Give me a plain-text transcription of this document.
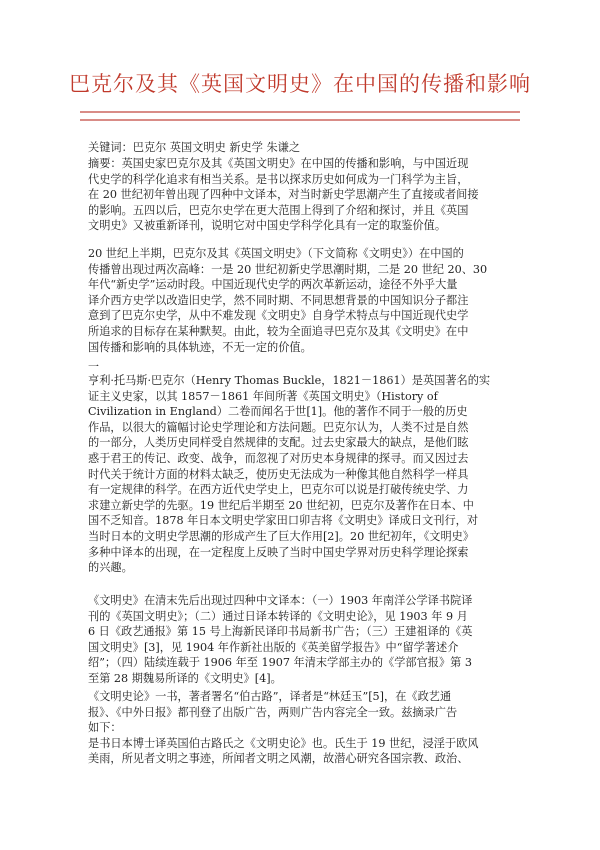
巴克尔及其《英国文明史》在中国的传播和影响
关键词：巴克尔 英国文明史 新史学 朱谦之
摘要：英国史家巴克尔及其《英国文明史》在中国的传播和影响，与中国近现
代史学的科学化追求有相当关系。是书以探求历史如何成为一门科学为主旨，
在 20 世纪初年曾出现了四种中文译本，对当时新史学思潮产生了直接或者间接
的影响。五四以后，巴克尔史学在更大范围上得到了介绍和探讨，并且《英国
文明史》又被重新译刊，说明它对中国史学科学化具有一定的取鉴价值。
20 世纪上半期，巴克尔及其《英国文明史》（下文简称《文明史》）在中国的
传播曾出现过两次高峰：一是 20 世纪初新史学思潮时期，二是 20 世纪 20、30
年代“新史学”运动时段。中国近现代史学的两次革新运动，途径不外乎大量
译介西方史学以改造旧史学，然不同时期、不同思想背景的中国知识分子都注
意到了巴克尔史学，从中不难发现《文明史》自身学术特点与中国近现代史学
所追求的目标存在某种默契。由此，较为全面追寻巴克尔及其《文明史》在中
国传播和影响的具体轨迹，不无一定的价值。
一
亨利·托马斯·巴克尔（Henry Thomas Buckle，1821－1861）是英国著名的实
证主义史家，以其 1857－1861 年间所著《英国文明史》（History of
Civilization in England）二卷而闻名于世[1]。他的著作不同于一般的历史
作品，以很大的篇幅讨论史学理论和方法问题。巴克尔认为，人类不过是自然
的一部分，人类历史同样受自然规律的支配。过去史家最大的缺点，是他们眩
惑于君王的传记、政变、战争，而忽视了对历史本身规律的探寻。而又因过去
时代关于统计方面的材料太缺乏，使历史无法成为一种像其他自然科学一样具
有一定规律的科学。在西方近代史学史上，巴克尔可以说是打破传统史学、力
求建立新史学的先驱。19 世纪后半期至 20 世纪初，巴克尔及著作在日本、中
国不乏知音。1878 年日本文明史学家田口卯吉将《文明史》译成日文刊行，对
当时日本的文明史学思潮的形成产生了巨大作用[2]。20 世纪初年，《文明史》
多种中译本的出现，在一定程度上反映了当时中国史学界对历史科学理论探索
的兴趣。
《文明史》在清末先后出现过四种中文译本：（一）1903 年南洋公学译书院译
刊的《英国文明史》；（二）通过日译本转译的《文明史论》，见 1903 年 9 月
6 日《政艺通报》第 15 号上海新民译印书局新书广告；（三）王建祖译的《英
国文明史》[3]，见 1904 年作新社出版的《英美留学报告》中“留学著述介
绍”；（四）陆续连载于 1906 年至 1907 年清末学部主办的《学部官报》第 3
至第 28 期魏易所译的《文明史》[4]。
《文明史论》一书，著者署名“伯古路”，译者是“林廷玉”[5]，在《政艺通
报》、《中外日报》都刊登了出版广告，两则广告内容完全一致。兹摘录广告
如下：
是书日本博士译英国伯古路氏之《文明史论》也。氏生于 19 世纪，浸淫于欧风
美雨，所见者文明之事迹，所闻者文明之风潮，故潜心研究各国宗教、政治、
